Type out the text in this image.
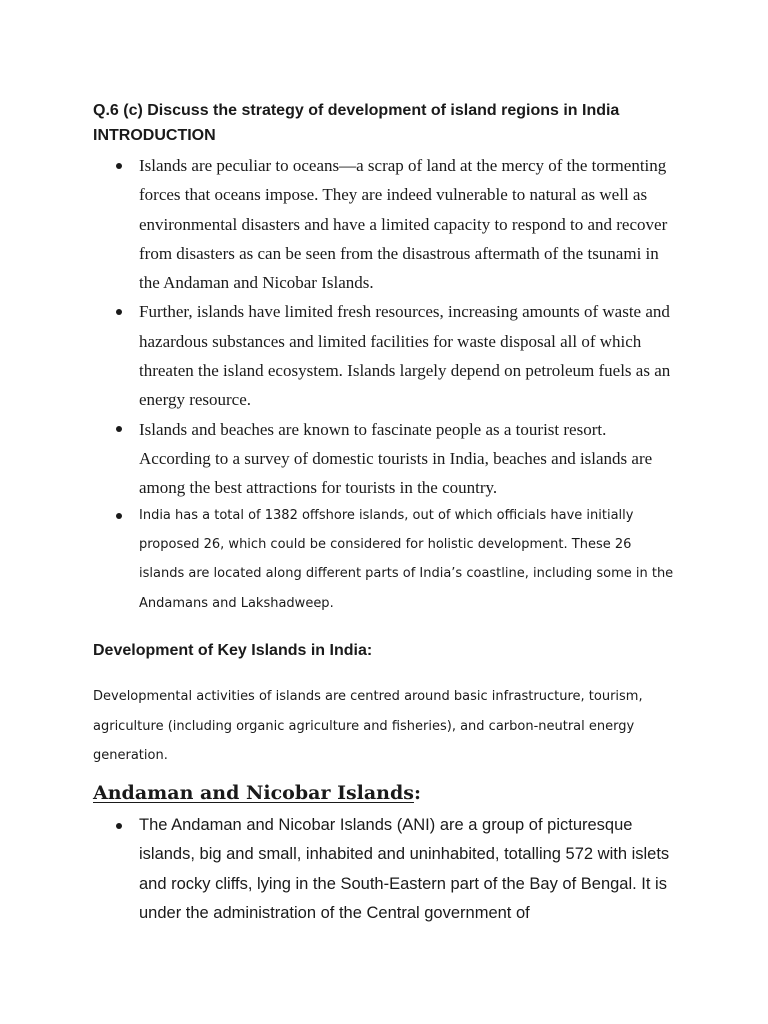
Q.6 (c) Discuss the strategy of development of island regions in India

INTRODUCTION

Islands are peculiar to oceans—a scrap of land at the mercy of the tormenting forces that oceans impose. They are indeed vulnerable to natural as well as environmental disasters and have a limited capacity to respond to and recover from disasters as can be seen from the disastrous aftermath of the tsunami in the Andaman and Nicobar Islands.
Further, islands have limited fresh resources, increasing amounts of waste and hazardous substances and limited facilities for waste disposal all of which threaten the island ecosystem. Islands largely depend on petroleum fuels as an energy resource.
Islands and beaches are known to fascinate people as a tourist resort. According to a survey of domestic tourists in India, beaches and islands are among the best attractions for tourists in the country.
India has a total of 1382 offshore islands, out of which officials have initially proposed 26, which could be considered for holistic development. These 26 islands are located along different parts of India’s coastline, including some in the Andamans and Lakshadweep.

Development of Key Islands in India:

Developmental activities of islands are centred around basic infrastructure, tourism, agriculture (including organic agriculture and fisheries), and carbon-neutral energy generation.

Andaman and Nicobar Islands:

The Andaman and Nicobar Islands (ANI) are a group of picturesque islands, big and small, inhabited and uninhabited, totalling 572 with islets and rocky cliffs, lying in the South-Eastern part of the Bay of Bengal. It is under the administration of the Central government of
